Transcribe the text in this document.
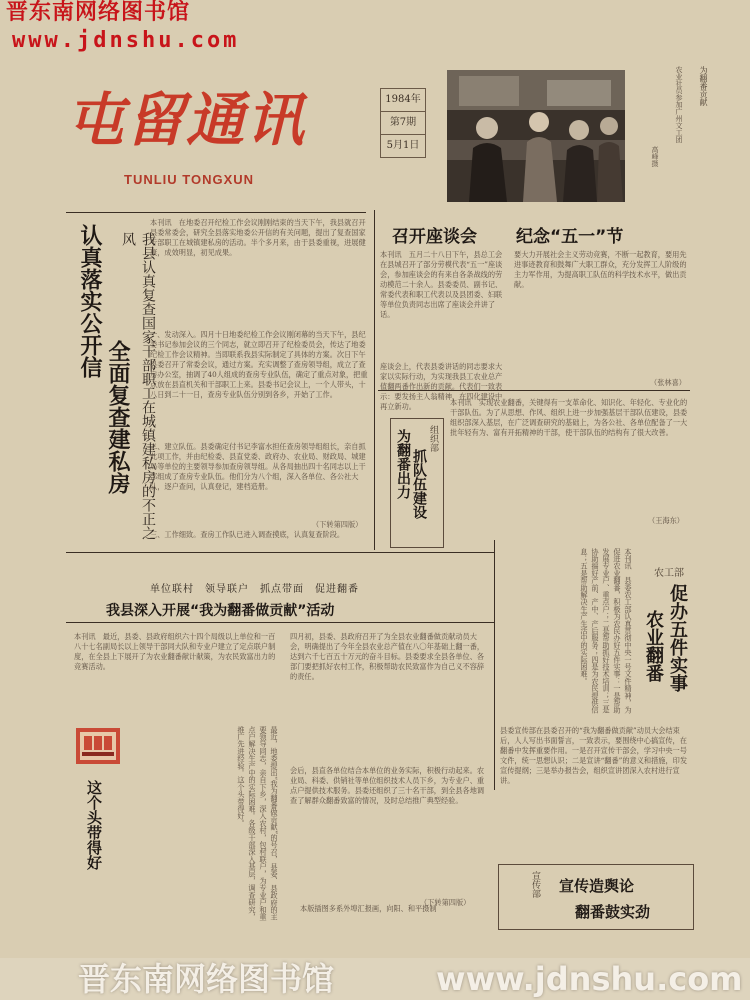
晋东南网络图书馆
www.jdnshu.com
屯留通讯
TUNLIU TONGXUN
1984年
第7期
5月1日
为翻番贡献
农业社员参加广州文工团
高峰摄
认真落实公开信
全面复查建私房 我县认真复查国家干部职工在城镇建私房的不正之风
本刊讯　在地委召开纪检工作会议刚刚结束的当天下午，我县就召开县委常委会，研究全县落实地委公开信的有关问题，提出了复查国家干部职工在城镇建私房的活动。半个多月来，由于县委重视，进展健康，成效明显，初见成果。
一、发动深入。四月十日地委纪检工作会议刚闭幕的当天下午，县纪委书记参加会议的三个同志，就立即召开了纪检委员会，传达了地委纪检工作会议精神。当即联系我县实际制定了具体的方案。次日下午县委召开了常委会议，通过方案。充实调整了查房领导组，成立了查房办公室，抽调了40人组成的查房专业队伍，确定了重点对象，把重点放在县直机关和干部职工上来。县委书记会议上，一个人带头，十八日到二十一日，查房专业队伍分别到各乡，开始了工作。
二、建立队伍。县委确定付书记李富水担任查房领导组组长，亲自抓此项工作，并由纪检委、县直党委、政府办、农业局、财政局、城建局等单位的主要领导参加查房领导组。从各局抽出四十名同志以上干部组成了查房专业队伍。他们分为八个组，深入各单位、各公社大队，逐户查问，认真登记，建档造册。
三、工作细致。查房工作队已进入调查摸底，认真复查阶段。
（下转第四版）
召开座谈会 纪念“五一”节
本刊讯　五月二十八日下午，县总工会在县城召开了部分劳模代表“五一”座谈会，参加座谈会的有来自各条战线的劳动模范二十余人。县委委员、副书记、常委代表和职工代表以及县团委、妇联等单位负责同志出席了座谈会并讲了话。
座谈会上，代表县委讲话的同志要求大家以实际行动，为实现我县工农业总产值翻两番作出新的贡献。代表们一致表示：要发扬主人翁精神，在四化建设中再立新功。
要大力开展社会主义劳动竞赛，不断一起教育，要用先进事迹教育和鼓舞广大职工群众，充分发挥工人阶级的主力军作用，为提高职工队伍的科学技术水平，做出贡献。
（张林喜）
组织部
抓队伍建设
为翻番出力
本刊讯　实现农业翻番，关键得有一支革命化、知识化、年轻化、专业化的干部队伍。为了从思想、作风、组织上进一步加强基层干部队伍建设，县委组织部深入基层，在广泛调查研究的基础上，为各公社、各单位配备了一大批年轻有为、富有开拓精神的干部，使干部队伍的结构有了很大改善。
（王海东）
本刊讯　县委农工部认真贯彻中央一号文件精神，为促进农业翻番，积极为农民办好五件实事：一是帮助发展专业户、重点户；二是帮助抓好技术培训；三是协助搞好产前、产中、产后服务；四是为农民提供信息；五是帮助解决生产生活中的实际困难。	农工部
促办五件实事
农业翻番
县委宣传部在县委召开的“我为翻番做贡献”动员大会结束后，人人写出书面誓言，一致表示，要围绕中心搞宣传，在翻番中发挥重要作用。一是召开宣传干部会，学习中央一号文件，统一思想认识；二是宣讲“翻番”的意义和措施，印发宣传提纲；三是举办报告会，组织宣讲团深入农村进行宣讲。
宣传部 宣传造舆论
翻番鼓实劲
单位联村　领导联户　抓点带面　促进翻番
我县深入开展“我为翻番做贡献”活动
本刊讯　最近，县委、县政府组织六十四个局级以上单位和一百八十七名副局长以上领导干部同大队和专业户建立了定点联户制度，在全县上下展开了为农业翻番献计献策，为农民致富出力的竞赛活动。
四月初，县委、县政府召开了为全县农业翻番做贡献动员大会，明确提出了今年全县农业总产值在八〇年基础上翻一番，达到六千七百五十万元的奋斗目标。县委要求全县各单位、各部门要把抓好农村工作，积极帮助农民致富作为自己义不容辞的责任。
会后，县直各单位结合本单位的业务实际，积极行动起来。农业局、科委、供销社等单位组织技术人员下乡，为专业户、重点户提供技术服务。县委还组织了三十名干部，到全县各地调查了解群众翻番致富的情况，及时总结推广典型经验。
（下转第四版）
最近，地委提出“我为翻番做贡献”的号召，县委、县政府的主要领导同志，亲自下乡，深入农村，包村联户，为专业户和重点户解决生产中的实际困难。各级干部深入基层，调查研究，推广先进经验。这个头带得好。
这个头带得好
本版插图多系外埠汇报画，向阳、和平摄制
晋东南网络图书馆	www.jdnshu.com
